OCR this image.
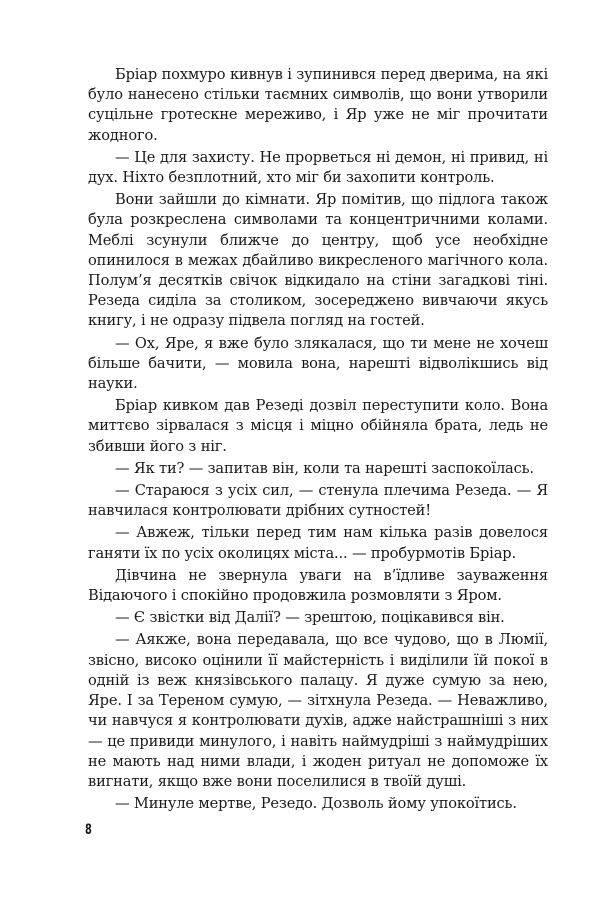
Бріар похмуро кивнув і зупинився перед дверима, на які було нанесено стільки таємних символів, що вони утворили суцільне гротескне мереживо, і Яр уже не міг прочитати жодного.

— Це для захисту. Не прорветься ні демон, ні привид, ні дух. Ніхто безплотний, хто міг би захопити контроль.

Вони зайшли до кімнати. Яр помітив, що підлога також була розкреслена символами та концентричними колами. Меблі зсунули ближче до центру, щоб усе необхідне опинилося в межах дбайливо викресленого магічного кола. Полум’я десятків свічок відкидало на стіни загадкові тіні. Резеда сиділа за столиком, зосереджено вивчаючи якусь книгу, і не одразу підвела погляд на гостей.

— Ох, Яре, я вже було злякалася, що ти мене не хочеш більше бачити, — мовила вона, нарешті відволікшись від науки.

Бріар кивком дав Резеді дозвіл переступити коло. Вона миттєво зірвалася з місця і міцно обійняла брата, ледь не збивши його з ніг.

— Як ти? — запитав він, коли та нарешті заспокоїлась.

— Стараюся з усіх сил, — стенула плечима Резеда. — Я навчилася контролювати дрібних сутностей!

— Авжеж, тільки перед тим нам кілька разів довелося ганяти їх по усіх околицях міста... — пробурмотів Бріар.

Дівчина не звернула уваги на в’їдливе зауваження Відаючого і спокійно продовжила розмовляти з Яром.

— Є звістки від Далії? — зрештою, поцікавився він.

— Аякже, вона передавала, що все чудово, що в Люмії, звісно, високо оцінили її майстерність і виділили їй покої в одній із веж князівського палацу. Я дуже сумую за нею, Яре. І за Тереном сумую, — зітхнула Резеда. — Неважливо, чи навчуся я контролювати духів, адже найстрашніші з них — це привиди минулого, і навіть наймудріші з наймудріших не мають над ними влади, і жоден ритуал не допоможе їх вигнати, якщо вже вони поселилися в твоїй душі.

— Минуле мертве, Резедо. Дозволь йому упокоїтись.

8
